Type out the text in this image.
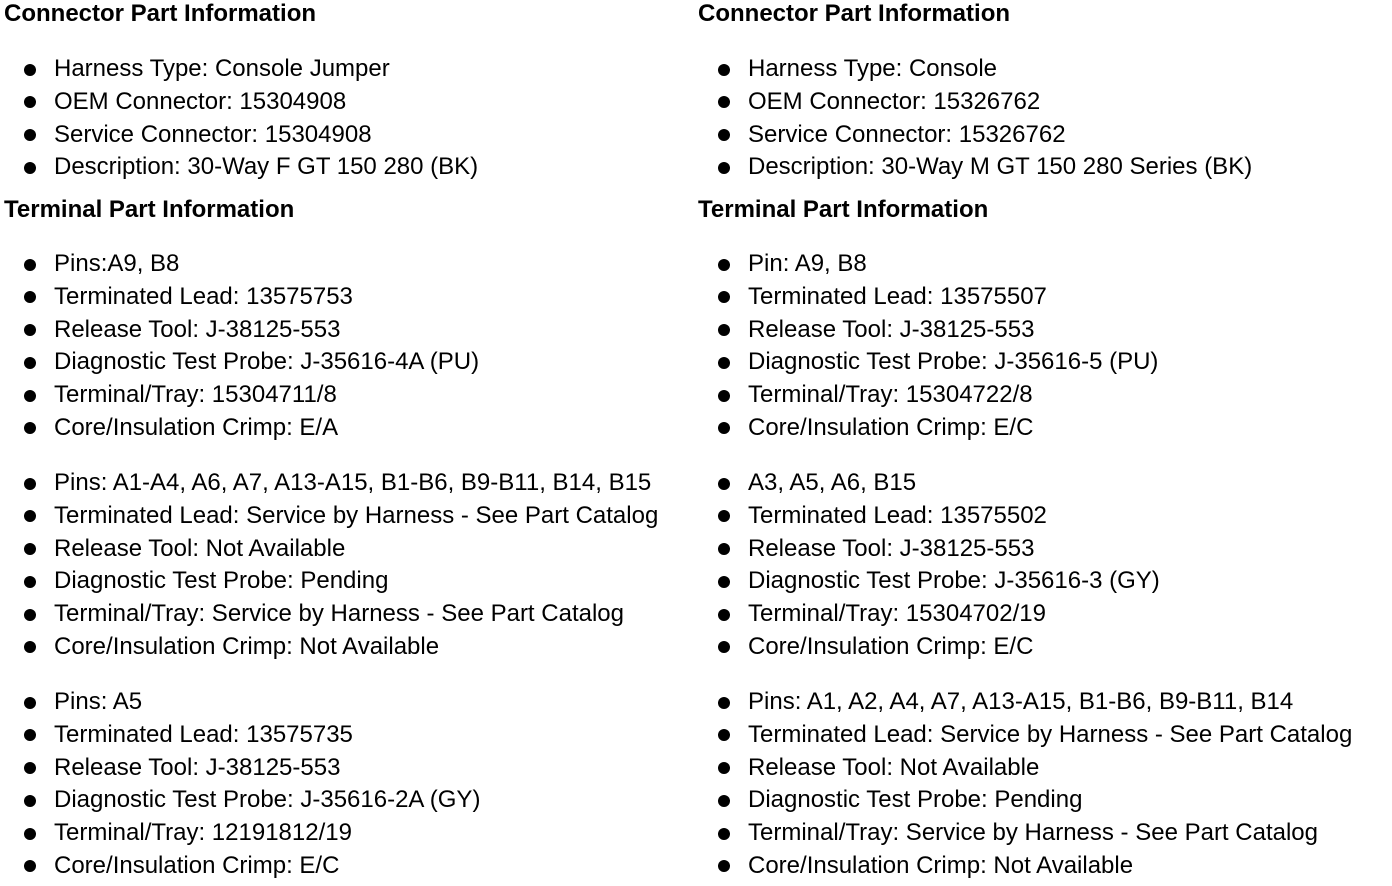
Connector Part Information
Harness Type: Console Jumper
OEM Connector: 15304908
Service Connector: 15304908
Description: 30-Way F GT 150 280 (BK)
Terminal Part Information
Pins:A9, B8
Terminated Lead: 13575753
Release Tool: J-38125-553
Diagnostic Test Probe: J-35616-4A (PU)
Terminal/Tray: 15304711/8
Core/Insulation Crimp: E/A
Pins: A1-A4, A6, A7, A13-A15, B1-B6, B9-B11, B14, B15
Terminated Lead: Service by Harness - See Part Catalog
Release Tool: Not Available
Diagnostic Test Probe: Pending
Terminal/Tray: Service by Harness - See Part Catalog
Core/Insulation Crimp: Not Available
Pins: A5
Terminated Lead: 13575735
Release Tool: J-38125-553
Diagnostic Test Probe: J-35616-2A (GY)
Terminal/Tray: 12191812/19
Core/Insulation Crimp: E/C
Connector Part Information
Harness Type: Console
OEM Connector: 15326762
Service Connector: 15326762
Description: 30-Way M GT 150 280 Series (BK)
Terminal Part Information
Pin: A9, B8
Terminated Lead: 13575507
Release Tool: J-38125-553
Diagnostic Test Probe: J-35616-5 (PU)
Terminal/Tray: 15304722/8
Core/Insulation Crimp: E/C
A3, A5, A6, B15
Terminated Lead: 13575502
Release Tool: J-38125-553
Diagnostic Test Probe: J-35616-3 (GY)
Terminal/Tray: 15304702/19
Core/Insulation Crimp: E/C
Pins: A1, A2, A4, A7, A13-A15, B1-B6, B9-B11, B14
Terminated Lead: Service by Harness - See Part Catalog
Release Tool: Not Available
Diagnostic Test Probe: Pending
Terminal/Tray: Service by Harness - See Part Catalog
Core/Insulation Crimp: Not Available
